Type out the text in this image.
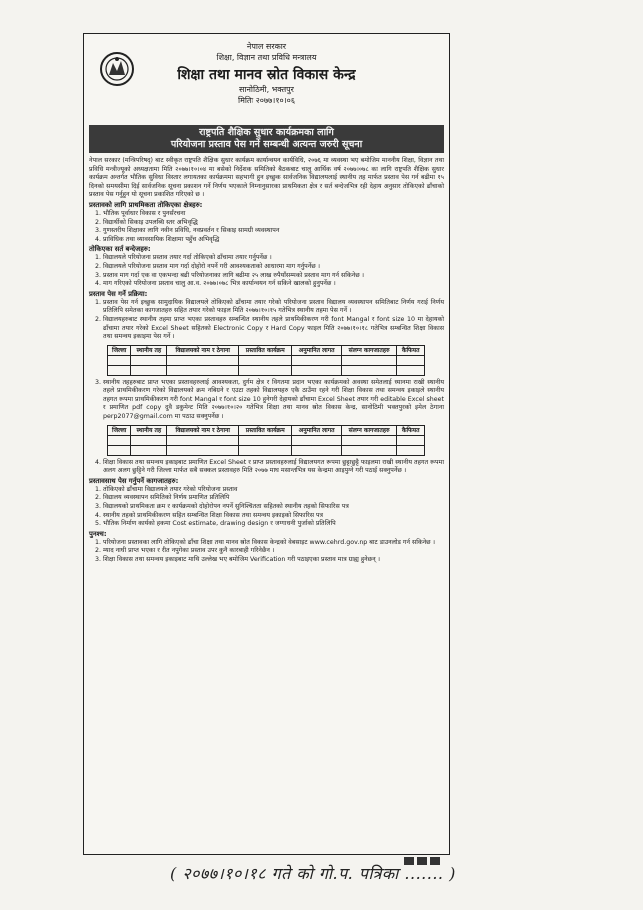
नेपाल सरकार
शिक्षा, विज्ञान तथा प्रविधि मन्त्रालय
शिक्षा तथा मानव स्रोत विकास केन्द्र
सानोठिमी, भक्तपुर
मितिः २०७७।१०।०६
राष्ट्रपति शैक्षिक सुधार कार्यक्रमका लागि
परियोजना प्रस्ताव पेस गर्ने सम्बन्धी अत्यन्त जरुरी सूचना
नेपाल सरकार (मन्त्रिपरिषद्) बाट स्वीकृत राष्ट्रपति शैक्षिक सुधार कार्यक्रम कार्यान्वयन कार्यविधि, २०७६ मा व्यवस्था भए बमोजिम माननीय शिक्षा, विज्ञान तथा प्रविधि मन्त्रीज्यूको अध्यक्षतामा मिति २०७७।१०।०४ मा बसेको निर्देशक समितिको बैठकबाट चालु आर्थिक वर्ष २०७७।०७८ का लागि राष्ट्रपति शैक्षिक सुधार कार्यक्रम अन्तर्गत भौतिक सुविधा विस्तार लगायतका कार्यक्रममा सहभागी हुन इच्छुक सार्वजनिक विद्यालयलाई स्थानीय तह मार्फत प्रस्ताव पेस गर्न बढीमा १५ दिनको समयसीमा दिई सार्वजनिक सूचना प्रकाशन गर्ने निर्णय भएकाले निम्नानुसारका प्राथमिकता क्षेत्र र सर्त बन्देजभित्र रही देहाय अनुसार तोकिएको ढाँचाको प्रस्ताव पेस गर्नुहुन यो सूचना प्रकाशित गरिएको छ ।
प्रस्तावको लागि प्राथमिकता तोकिएका क्षेत्रहरु:
1. भौतिक पूर्वाधार विकास र पुनर्संरचना
2. विद्यार्थीको सिकाइ उपलब्धि स्तर अभिवृद्धि
3. गुणस्तरीय शिक्षाका लागि नवीन प्रविधि, नवप्रवर्तन र सिकाइ सामग्री व्यवस्थापन
4. प्राविधिक तथा व्यावसायिक शिक्षामा पहुँच अभिवृद्धि
तोकिएका सर्त बन्देजहरु:
1. विद्यालयले परियोजना प्रस्ताव तयार गर्दा तोकिएको ढाँचामा तयार गर्नुपर्नेछ ।
2. विद्यालयले परियोजना प्रस्ताव माग गर्दा दोहोरो नपर्ने गरी आवश्यकताको आधारमा माग गर्नुपर्नेछ ।
3. प्रस्ताव माग गर्दा एक वा एकभन्दा बढी परियोजनाका लागि बढीमा २५ लाख रुपैयाँसम्मको प्रस्ताव माग गर्न सकिनेछ ।
4. माग गरिएको परियोजना प्रस्ताव चालु आ.व. २०७७।०७८ भित्र कार्यान्वयन गर्न सकिने खालको हुनुपर्नेछ ।
प्रस्ताव पेस गर्ने प्रक्रिया:
1. प्रस्ताव पेस गर्न इच्छुक सामुदायिक विद्यालयले तोकिएको ढाँचामा तयार गरेको परियोजना प्रस्ताव विद्यालय व्यवस्थापन समितिबाट निर्णय गराई निर्णय प्रतिलिपि समेतका कागजातहरु सहित तयार गरेको फाइल मिति २०७७।१०।१५ गतेभित्र स्थानीय तहमा पेस गर्ने ।
2. विद्यालयहरुबाट स्थानीय तहमा प्राप्त भएका प्रस्तावहरु सम्बन्धित स्थानीय तहले प्राथमिकीकरण गरी font Mangal र font size 10 मा देहायको ढाँचामा तयार गरेको Excel Sheet सहितको Electronic Copy र Hard Copy फाइल मिति २०७७।१०।१८ गतेभित्र सम्बन्धित शिक्षा विकास तथा समन्वय इकाइमा पेस गर्ने ।
जिल्ला	स्थानीय तह	विद्यालयको नाम र ठेगाना	प्रस्तावित कार्यक्रम	अनुमानित लागत	संलग्न कागजातहरु	कैफियत

3. स्थानीय तहहरुबाट प्राप्त भएका प्रस्तावहरुलाई आवश्यकता, दुर्गम क्षेत्र र विगतमा प्रदान भएका कार्यक्रमको अवस्था समेतलाई ध्यानमा राखी स्थानीय तहले प्राथमिकीकरण गरेको विद्यालयको क्रम नबिग्रने र एउटा तहको विद्यालयहरु एकै ठाउँमा रहने गरी शिक्षा विकास तथा समन्वय इकाइले स्थानीय तहगत रूपमा प्राथमिकीकरण गरी font Mangal र font size 10 हुनेगरी देहायको ढाँचामा Excel Sheet तयार गरी editable Excel sheet र प्रमाणित pdf copy दुवै डकुमेन्ट मिति २०७७।१०।२० गतेभित्र शिक्षा तथा मानव स्रोत विकास केन्द्र, सानोठिमी भक्तपुरको इमेल ठेगाना perp2077@gmail.com मा पठाउ सक्नुपर्नेछ ।
जिल्ला	स्थानीय तह	विद्यालयको नाम र ठेगाना	प्रस्तावित कार्यक्रम	अनुमानित लागत	संलग्न कागजातहरु	कैफियत

4. शिक्षा विकास तथा समन्वय इकाइबाट प्रमाणित Excel Sheet र प्राप्त प्रस्तावहरुलाई विद्यालयगत रूपमा छुट्टाछुट्टै फाइलमा राखी स्थानीय तहगत रूपमा अलग अलग छुट्टिने गरी जिल्ला मार्फत सबै सक्कल प्रस्तावहरु मिति २०७७ माघ मसान्तभित्र यस केन्द्रमा आइपुग्ने गरी पठाई सक्नुपर्नेछ ।
प्रस्तावसाथ पेस गर्नुपर्ने कागजातहरु:
1. तोकिएको ढाँचामा विद्यालयले तयार गरेको परियोजना प्रस्ताव
2. विद्यालय व्यवस्थापन समितिको निर्णय प्रमाणित प्रतिलिपि
3. विद्यालयको प्राथमिकता क्रम र कार्यक्रमको दोहोरोपन नपर्ने सुनिश्चितता सहितको स्थानीय तहको सिफारिस पत्र
4. स्थानीय तहको प्राथमिकीकरण सहित सम्बन्धित शिक्षा विकास तथा समन्वय इकाइको सिफारिस पत्र
5. भौतिक निर्माण कार्यको हकमा Cost estimate, drawing design र जग्गाधनी पुर्जाको प्रतिलिपि
पुनश्च:
1. परियोजना प्रस्तावका लागि तोकिएको ढाँचा शिक्षा तथा मानव स्रोत विकास केन्द्रको वेबसाइट www.cehrd.gov.np बाट डाउनलोड गर्न सकिनेछ ।
2. म्याद नाघी प्राप्त भएका र रीत नपुगेका प्रस्ताव उपर कुनै कारबाही गरिनेछैन ।
3. शिक्षा विकास तथा समन्वय इकाइबाट माथि उल्लेख भए बमोजिम Verification गरी पठाइएका प्रस्ताव मात्र ग्राह्य हुनेछन् ।
( २०७७।१०।१८ गते को गो.प. पत्रिका ....... )
